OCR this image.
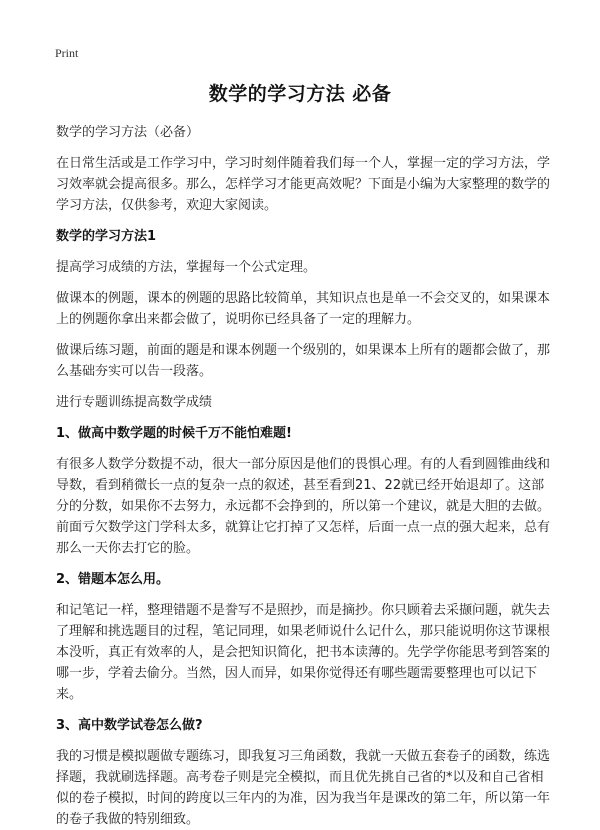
Print
数学的学习方法 必备

数学的学习方法（必备）

在日常生活或是工作学习中，学习时刻伴随着我们每一个人，掌握一定的学习方法，学习效率就会提高很多。那么，怎样学习才能更高效呢？下面是小编为大家整理的数学的学习方法，仅供参考，欢迎大家阅读。

数学的学习方法1

提高学习成绩的方法，掌握每一个公式定理。

做课本的例题，课本的例题的思路比较简单，其知识点也是单一不会交叉的，如果课本上的例题你拿出来都会做了，说明你已经具备了一定的理解力。

做课后练习题，前面的题是和课本例题一个级别的，如果课本上所有的题都会做了，那么基础夯实可以告一段落。

进行专题训练提高数学成绩

1、做高中数学题的时候千万不能怕难题!

有很多人数学分数提不动，很大一部分原因是他们的畏惧心理。有的人看到圆锥曲线和导数，看到稍微长一点的复杂一点的叙述，甚至看到21、22就已经开始退却了。这部分的分数，如果你不去努力，永远都不会挣到的，所以第一个建议，就是大胆的去做。前面亏欠数学这门学科太多，就算让它打掉了又怎样，后面一点一点的强大起来，总有那么一天你去打它的脸。

2、错题本怎么用。

和记笔记一样，整理错题不是誊写不是照抄，而是摘抄。你只顾着去采撷问题，就失去了理解和挑选题目的过程，笔记同理，如果老师说什么记什么，那只能说明你这节课根本没听，真正有效率的人，是会把知识简化，把书本读薄的。先学学你能思考到答案的哪一步，学着去偷分。当然，因人而异，如果你觉得还有哪些题需要整理也可以记下来。

3、高中数学试卷怎么做?

我的习惯是模拟题做专题练习，即我复习三角函数，我就一天做五套卷子的函数，练选择题，我就刷选择题。高考卷子则是完全模拟，而且优先挑自己省的*以及和自己省相似的卷子模拟，时间的跨度以三年内的为准，因为我当年是课改的第二年，所以第一年的卷子我做的特别细致。
